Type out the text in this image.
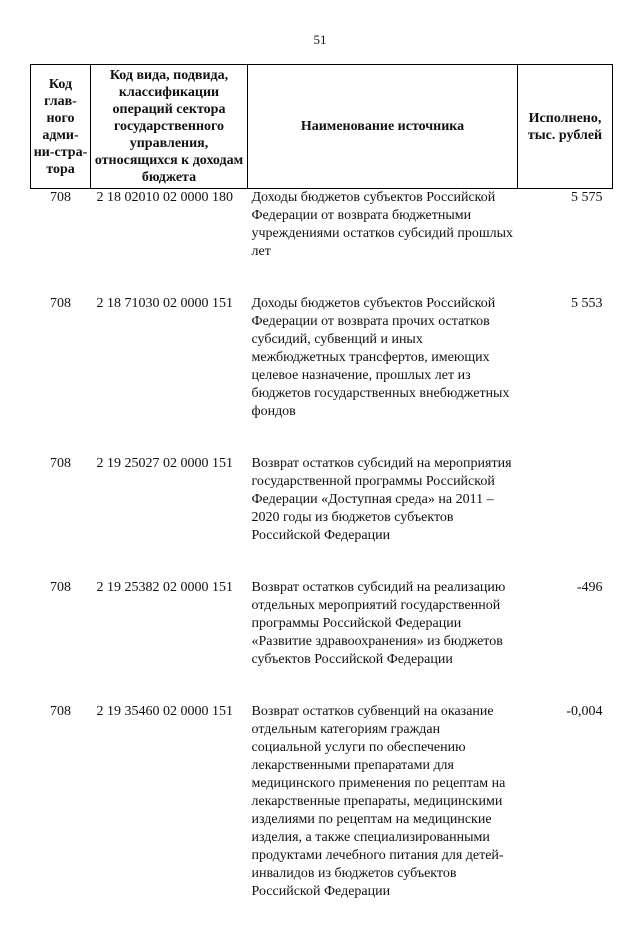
51
Код глав-ного адми-ни-стра-тора	Код вида, подвида, классификации операций сектора государственного управления, относящихся к доходам бюджета	Наименование источника	Исполнено, тыс. рублей
708	2 18 02010 02 0000 180	Доходы бюджетов субъектов Российской Федерации от возврата бюджетными учреждениями остатков субсидий прошлых лет	5 575
708	2 18 71030 02 0000 151	Доходы бюджетов субъектов Российской Федерации от возврата прочих остатков субсидий, субвенций и иных межбюджетных трансфертов, имеющих целевое назначение, прошлых лет из бюджетов государственных внебюджетных фондов	5 553
708	2 19 25027 02 0000 151	Возврат остатков субсидий на мероприятия государственной программы Российской Федерации «Доступная среда» на 2011 – 2020 годы из бюджетов субъектов Российской Федерации	
708	2 19 25382 02 0000 151	Возврат остатков субсидий на реализацию отдельных мероприятий государственной программы Российской Федерации «Развитие здравоохранения» из бюджетов субъектов Российской Федерации	-496
708	2 19 35460 02 0000 151	Возврат остатков субвенций на оказание отдельным категориям граждан социальной услуги по обеспечению лекарственными препаратами для медицинского применения по рецептам на лекарственные препараты, медицинскими изделиями по рецептам на медицинские изделия, а также специализированными продуктами лечебного питания для детей-инвалидов из бюджетов субъектов Российской Федерации	-0,004
